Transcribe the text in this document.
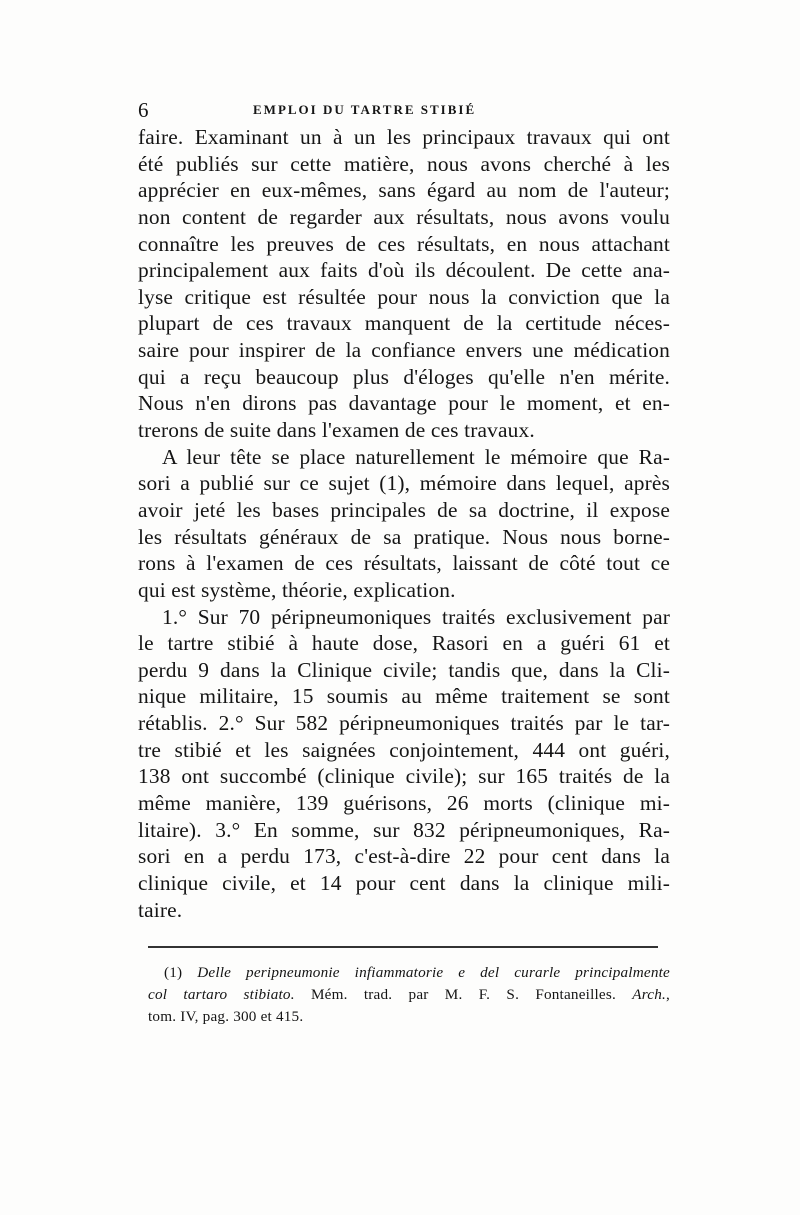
6	EMPLOI DU TARTRE STIBIÉ
faire. Examinant un à un les principaux travaux qui ont
été publiés sur cette matière, nous avons cherché à les
apprécier en eux-mêmes, sans égard au nom de l'auteur;
non content de regarder aux résultats, nous avons voulu
connaître les preuves de ces résultats, en nous attachant
principalement aux faits d'où ils découlent. De cette ana-
lyse critique est résultée pour nous la conviction que la
plupart de ces travaux manquent de la certitude néces-
saire pour inspirer de la confiance envers une médication
qui a reçu beaucoup plus d'éloges qu'elle n'en mérite.
Nous n'en dirons pas davantage pour le moment, et en-
trerons de suite dans l'examen de ces travaux.
A leur tête se place naturellement le mémoire que Ra-
sori a publié sur ce sujet (1), mémoire dans lequel, après
avoir jeté les bases principales de sa doctrine, il expose
les résultats généraux de sa pratique. Nous nous borne-
rons à l'examen de ces résultats, laissant de côté tout ce
qui est système, théorie, explication.
1.° Sur 70 péripneumoniques traités exclusivement par
le tartre stibié à haute dose, Rasori en a guéri 61 et
perdu 9 dans la Clinique civile; tandis que, dans la Cli-
nique militaire, 15 soumis au même traitement se sont
rétablis. 2.° Sur 582 péripneumoniques traités par le tar-
tre stibié et les saignées conjointement, 444 ont guéri,
138 ont succombé (clinique civile); sur 165 traités de la
même manière, 139 guérisons, 26 morts (clinique mi-
litaire). 3.° En somme, sur 832 péripneumoniques, Ra-
sori en a perdu 173, c'est-à-dire 22 pour cent dans la
clinique civile, et 14 pour cent dans la clinique mili-
taire.
(1) Delle peripneumonie infiammatorie e del curarle principalmente
col tartaro stibiato. Mém. trad. par M. F. S. Fontaneilles. Arch.,
tom. IV, pag. 300 et 415.
